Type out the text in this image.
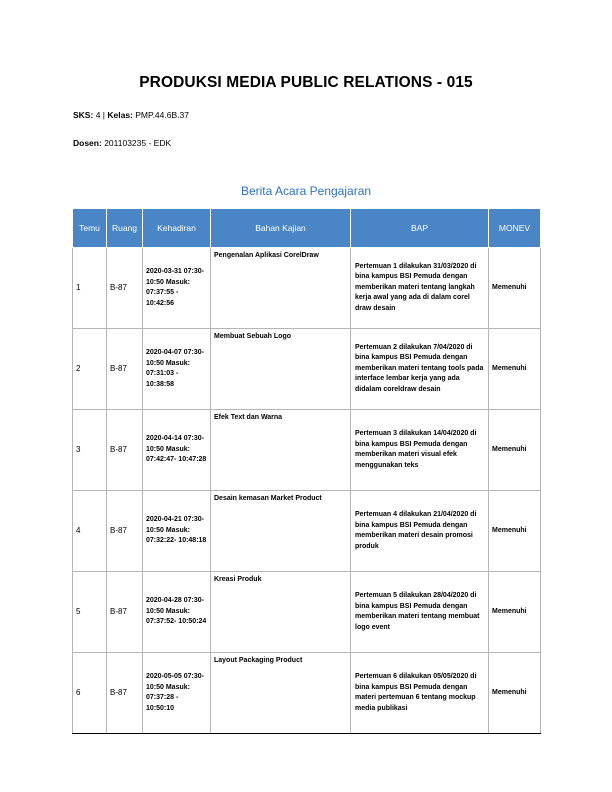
PRODUKSI MEDIA PUBLIC RELATIONS - 015
SKS: 4 | Kelas: PMP.44.6B.37
Dosen: 201103235 - EDK
Berita Acara Pengajaran
Temu	Ruang	Kehadiran	Bahan Kajian	BAP	MONEV
1	B-87	2020-03-31 07:30-10:50 Masuk: 07:37:55 - 10:42:56	Pengenalan Aplikasi CorelDraw	Pertemuan 1 dilakukan 31/03/2020 di bina kampus BSI Pemuda dengan memberikan materi tentang langkah kerja awal yang ada di dalam corel draw desain	Memenuhi
2	B-87	2020-04-07 07:30-10:50 Masuk: 07:31:03 - 10:38:58	Membuat Sebuah Logo	Pertemuan 2 dilakukan 7/04/2020 di bina kampus BSI Pemuda dengan memberikan materi tentang tools pada interface lembar kerja yang ada didalam coreldraw desain	Memenuhi
3	B-87	2020-04-14 07:30-10:50 Masuk: 07:42:47- 10:47:28	Efek Text dan Warna	Pertemuan 3 dilakukan 14/04/2020 di bina kampus BSI Pemuda dengan memberikan materi visual efek menggunakan teks	Memenuhi
4	B-87	2020-04-21 07:30-10:50 Masuk: 07:32:22- 10:48:18	Desain kemasan Market Product	Pertemuan 4 dilakukan 21/04/2020 di bina kampus BSI Pemuda dengan memberikan materi desain promosi produk	Memenuhi
5	B-87	2020-04-28 07:30-10:50 Masuk: 07:37:52- 10:50:24	Kreasi Produk	Pertemuan 5 dilakukan 28/04/2020 di bina kampus BSI Pemuda dengan memberikan materi tentang membuat logo event	Memenuhi
6	B-87	2020-05-05 07:30-10:50 Masuk: 07:37:28 - 10:50:10	Layout Packaging Product	Pertemuan 6 dilakukan 05/05/2020 di bina kampus BSI Pemuda dengan materi pertemuan 6 tentang mockup media publikasi	Memenuhi
